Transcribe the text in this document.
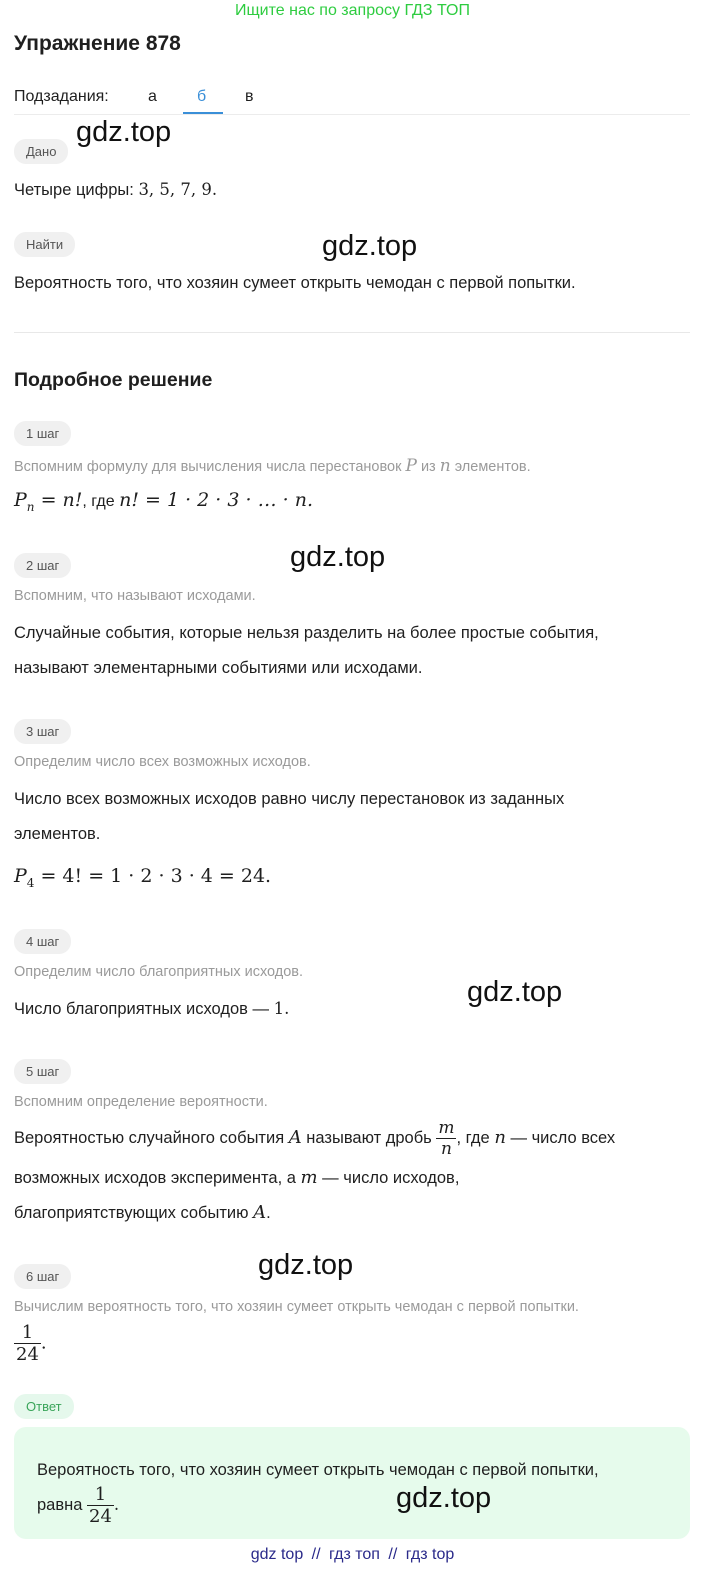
Ищите нас по запросу ГДЗ ТОП
Упражнение 878
Подзадания: а	б в
Дано
gdz.top
Четыре цифры: 3, 5, 7, 9.
Найти	gdz.top
Вероятность того, что хозяин сумеет открыть чемодан с первой попытки.
Подробное решение
1 шаг
Вспомним формулу для вычисления числа перестановок P из n элементов.
$P_n = n$!, где n! = 1 · 2 · 3 · … · n.
2 шаг	gdz.top
Вспомним, что называют исходами.
Случайные события, которые нельзя разделить на более простые события,
называют элементарными событиями или исходами.
3 шаг
Определим число всех возможных исходов.
Число всех возможных исходов равно числу перестановок из заданных
элементов.
$P_4 = 4$! = 1 · 2 · 3 · 4 = 24.
4 шаг
Определим число благоприятных исходов.
gdz.top
Число благоприятных исходов — 1.
5 шаг
Вспомним определение вероятности.
Вероятностью случайного события A называют дробь $\frac{m}{n}$ , где n — число всех
возможных исходов эксперимента, а m — число исходов,
благоприятствующих событию A.
6 шаг	gdz.top
Вычислим вероятность того, что хозяин сумеет открыть чемодан с первой попытки.
$\frac{1}{24}$ .
Ответ
Вероятность того, что хозяин сумеет открыть чемодан с первой попытки,
равна $\frac{1}{24}$ .	gdz.top
gdz top // гдз топ // гдз top
